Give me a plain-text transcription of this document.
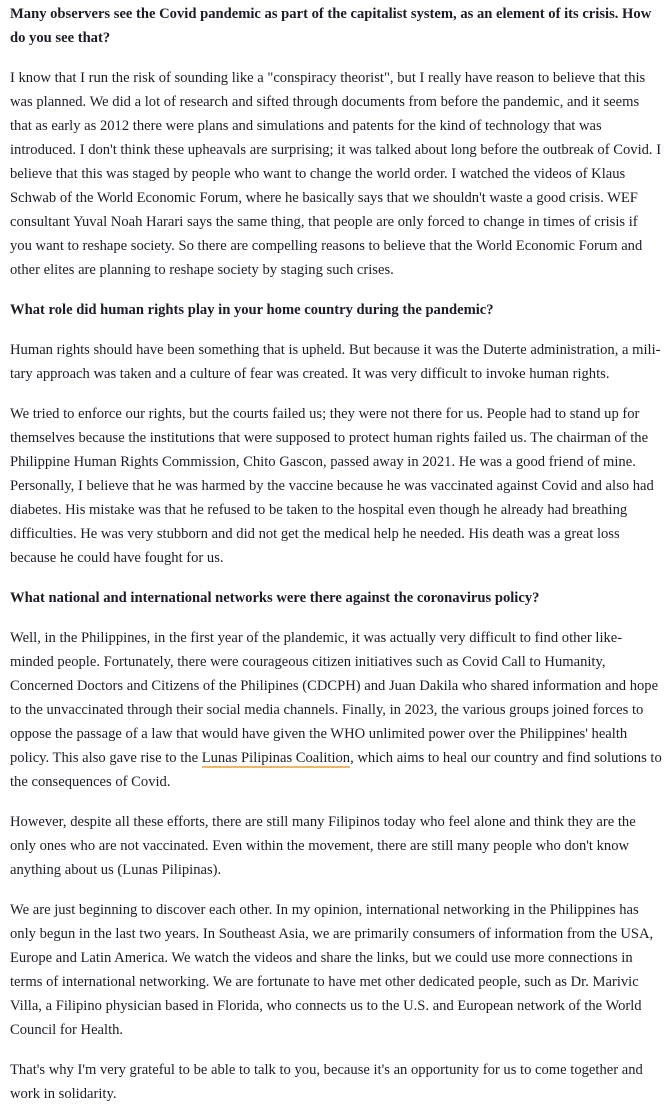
Many observers see the Covid pandemic as part of the capitalist system, as an element of its crisis. How do you see that?

I know that I run the risk of sounding like a "conspiracy theorist", but I really have reason to believe that this was planned. We did a lot of research and sifted through documents from before the pandemic, and it seems that as early as 2012 there were plans and simulations and patents for the kind of technology that was introduced. I don't think these upheavals are surprising; it was talked about long before the outbreak of Covid. I believe that this was staged by people who want to change the world order. I watched the videos of Klaus Schwab of the World Economic Forum, where he basically says that we shouldn't waste a good crisis. WEF consultant Yuval Noah Harari says the same thing, that people are only forced to change in times of crisis if you want to reshape society. So there are compelling reasons to believe that the World Economic Forum and other elites are planning to reshape society by staging such crises.

What role did human rights play in your home country during the pandemic?

Human rights should have been something that is upheld. But because it was the Duterte administration, a military approach was taken and a culture of fear was created. It was very difficult to invoke human rights.

We tried to enforce our rights, but the courts failed us; they were not there for us. People had to stand up for themselves because the institutions that were supposed to protect human rights failed us. The chairman of the Philippine Human Rights Commission, Chito Gascon, passed away in 2021. He was a good friend of mine. Personally, I believe that he was harmed by the vaccine because he was vaccinated against Covid and also had diabetes. His mistake was that he refused to be taken to the hospital even though he already had breathing difficulties. He was very stubborn and did not get the medical help he needed. His death was a great loss because he could have fought for us.

What national and international networks were there against the coronavirus policy?

Well, in the Philippines, in the first year of the plandemic, it was actually very difficult to find other like-minded people. Fortunately, there were courageous citizen initiatives such as Covid Call to Humanity, Concerned Doctors and Citizens of the Philipines (CDCPH) and Juan Dakila who shared information and hope to the unvaccinated through their social media channels. Finally, in 2023, the various groups joined forces to oppose the passage of a law that would have given the WHO unlimited power over the Philippines' health policy. This also gave rise to the Lunas Pilipinas Coalition, which aims to heal our country and find solutions to the consequences of Covid.

However, despite all these efforts, there are still many Filipinos today who feel alone and think they are the only ones who are not vaccinated. Even within the movement, there are still many people who don't know anything about us (Lunas Pilipinas).

We are just beginning to discover each other. In my opinion, international networking in the Philippines has only begun in the last two years. In Southeast Asia, we are primarily consumers of information from the USA, Europe and Latin America. We watch the videos and share the links, but we could use more connections in terms of international networking. We are fortunate to have met other dedicated people, such as Dr. Marivic Villa, a Filipino physician based in Florida, who connects us to the U.S. and European network of the World Council for Health.

That's why I'm very grateful to be able to talk to you, because it's an opportunity for us to come together and work in solidarity.
